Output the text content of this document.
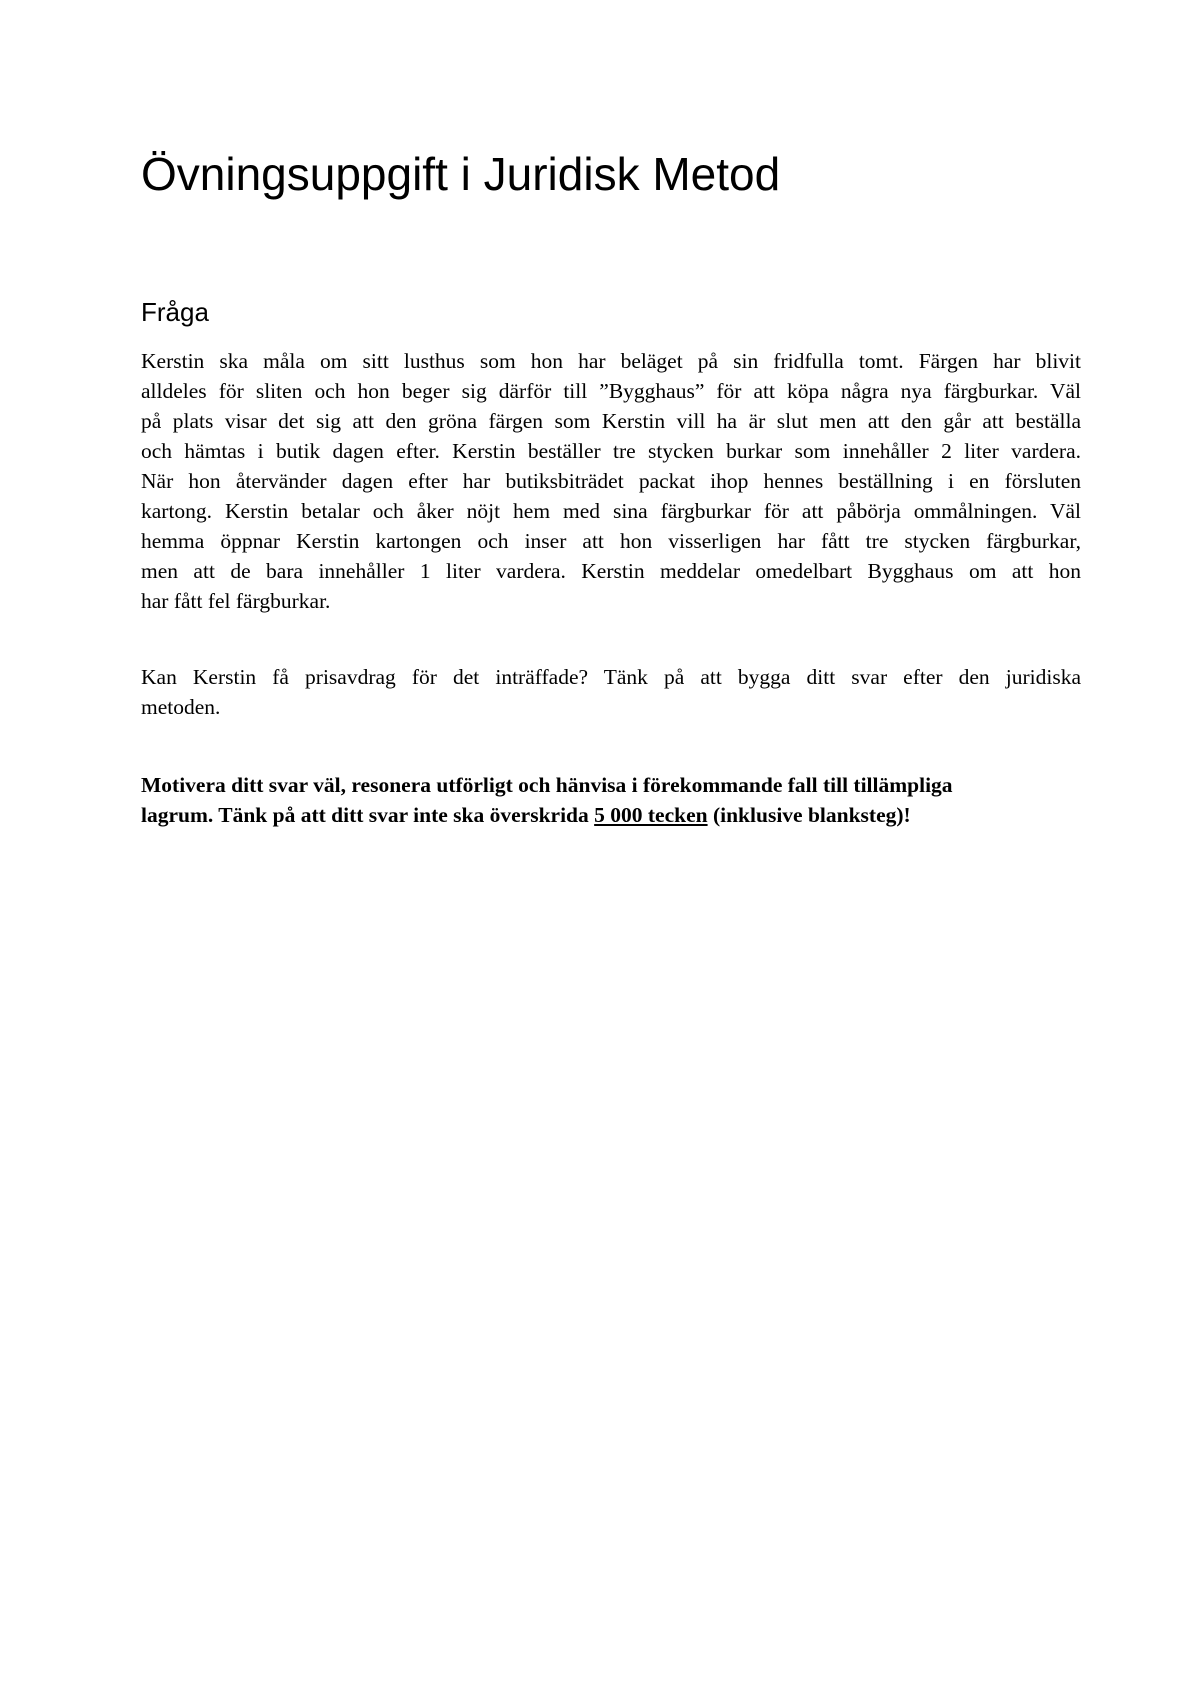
Övningsuppgift i Juridisk Metod
Fråga
Kerstin ska måla om sitt lusthus som hon har beläget på sin fridfulla tomt. Färgen har blivit
alldeles för sliten och hon beger sig därför till ”Bygghaus” för att köpa några nya färgburkar. Väl
på plats visar det sig att den gröna färgen som Kerstin vill ha är slut men att den går att beställa
och hämtas i butik dagen efter. Kerstin beställer tre stycken burkar som innehåller 2 liter vardera.
När hon återvänder dagen efter har butiksbiträdet packat ihop hennes beställning i en försluten
kartong. Kerstin betalar och åker nöjt hem med sina färgburkar för att påbörja ommålningen. Väl
hemma öppnar Kerstin kartongen och inser att hon visserligen har fått tre stycken färgburkar,
men att de bara innehåller 1 liter vardera. Kerstin meddelar omedelbart Bygghaus om att hon
har fått fel färgburkar.
Kan Kerstin få prisavdrag för det inträffade? Tänk på att bygga ditt svar efter den juridiska
metoden.
Motivera ditt svar väl, resonera utförligt och hänvisa i förekommande fall till tillämpliga
lagrum. Tänk på att ditt svar inte ska överskrida 5 000 tecken (inklusive blanksteg)!
